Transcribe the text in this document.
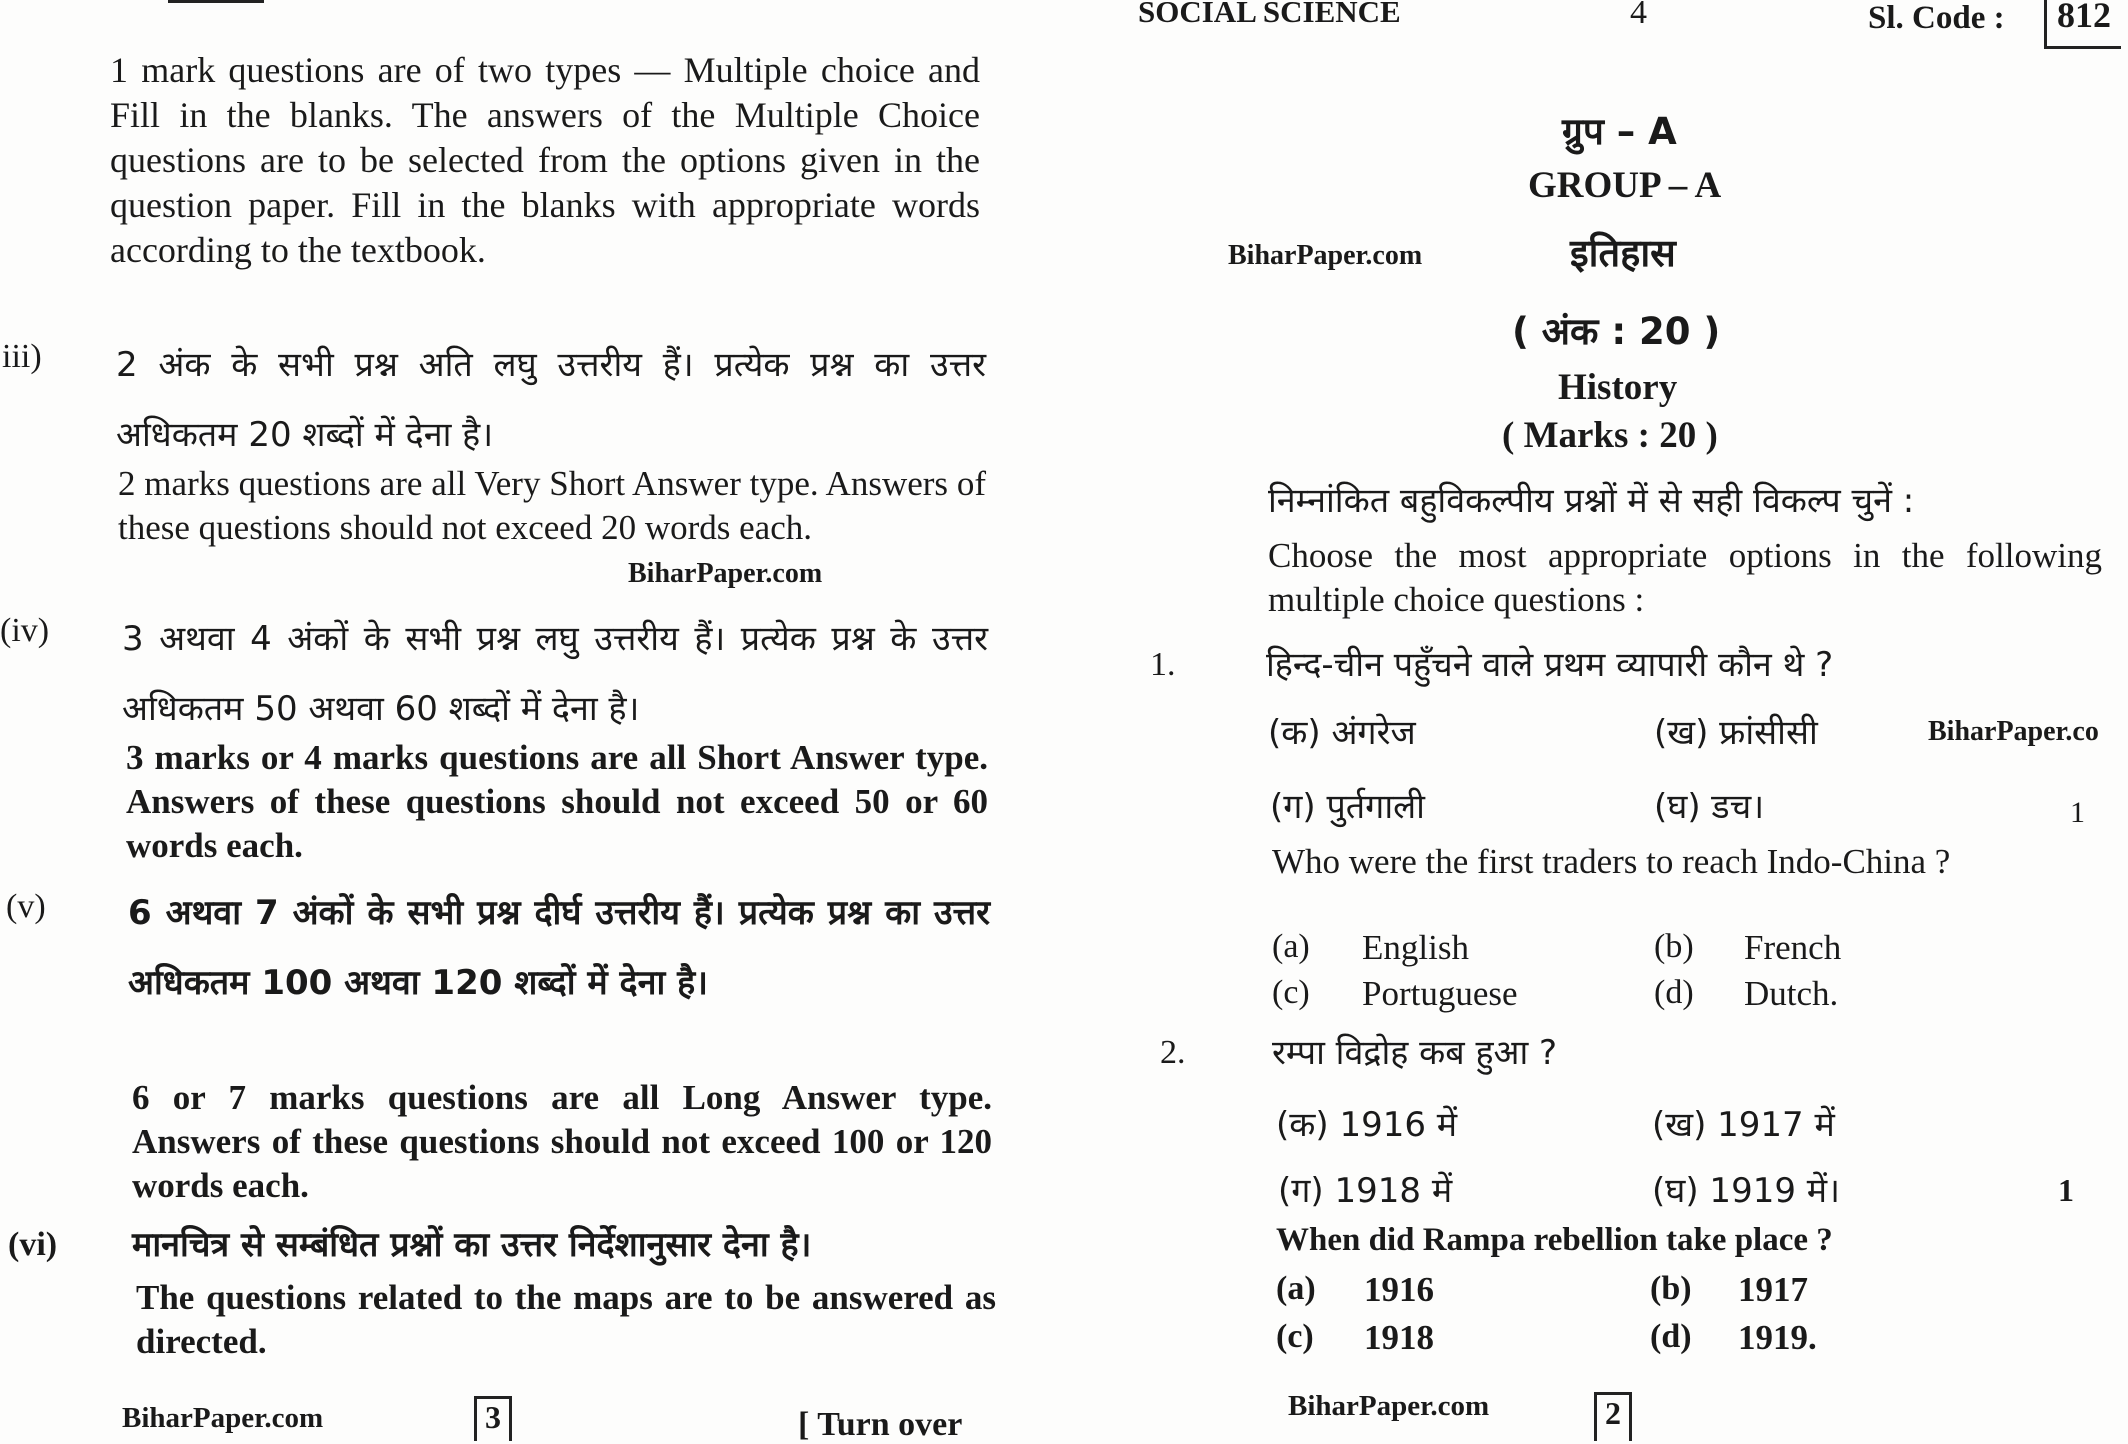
1 mark questions are of two types — Multiple choice and Fill in the blanks. The answers of the Multiple Choice questions are to be selected from the options given in the question paper. Fill in the blanks with appropriate words according to the textbook.
iii) 2 अंक के सभी प्रश्न अति लघु उत्तरीय हैं। प्रत्येक प्रश्न का उत्तर अधिकतम 20 शब्दों में देना है।
2 marks questions are all Very Short Answer type. Answers of these questions should not exceed 20 words each.
BiharPaper.com
(iv) 3 अथवा 4 अंकों के सभी प्रश्न लघु उत्तरीय हैं। प्रत्येक प्रश्न के उत्तर अधिकतम 50 अथवा 60 शब्दों में देना है।
3 marks or 4 marks questions are all Short Answer type. Answers of these questions should not exceed 50 or 60 words each.
(v) 6 अथवा 7 अंकों के सभी प्रश्न दीर्घ उत्तरीय हैं। प्रत्येक प्रश्न का उत्तर अधिकतम 100 अथवा 120 शब्दों में देना है।
6 or 7 marks questions are all Long Answer type. Answers of these questions should not exceed 100 or 120 words each.
(vi) मानचित्र से सम्बंधित प्रश्नों का उत्तर निर्देशानुसार देना है।
The questions related to the maps are to be answered as directed.
BiharPaper.com	3	[ Turn over
SOCIAL SCIENCE	4	Sl. Code :	812
ग्रुप – A
GROUP – A
BiharPaper.com	इतिहास
( अंक : 20 )
History
( Marks : 20 )
निम्नांकित बहुविकल्पीय प्रश्नों में से सही विकल्प चुनें :
Choose the most appropriate options in the following multiple choice questions :
1.	हिन्द-चीन पहुँचने वाले प्रथम व्यापारी कौन थे ?
(क) अंगरेज	(ख) फ्रांसीसी	BiharPaper.co
(ग) पुर्तगाली	(घ) डच।	1
Who were the first traders to reach Indo-China ?
(a) English	(b) French
(c) Portuguese	(d) Dutch.
2.	रम्पा विद्रोह कब हुआ ?
(क) 1916 में	(ख) 1917 में
(ग) 1918 में	(घ) 1919 में।	1
When did Rampa rebellion take place ?
(a) 1916	(b) 1917
(c) 1918	(d) 1919.
BiharPaper.com	2
